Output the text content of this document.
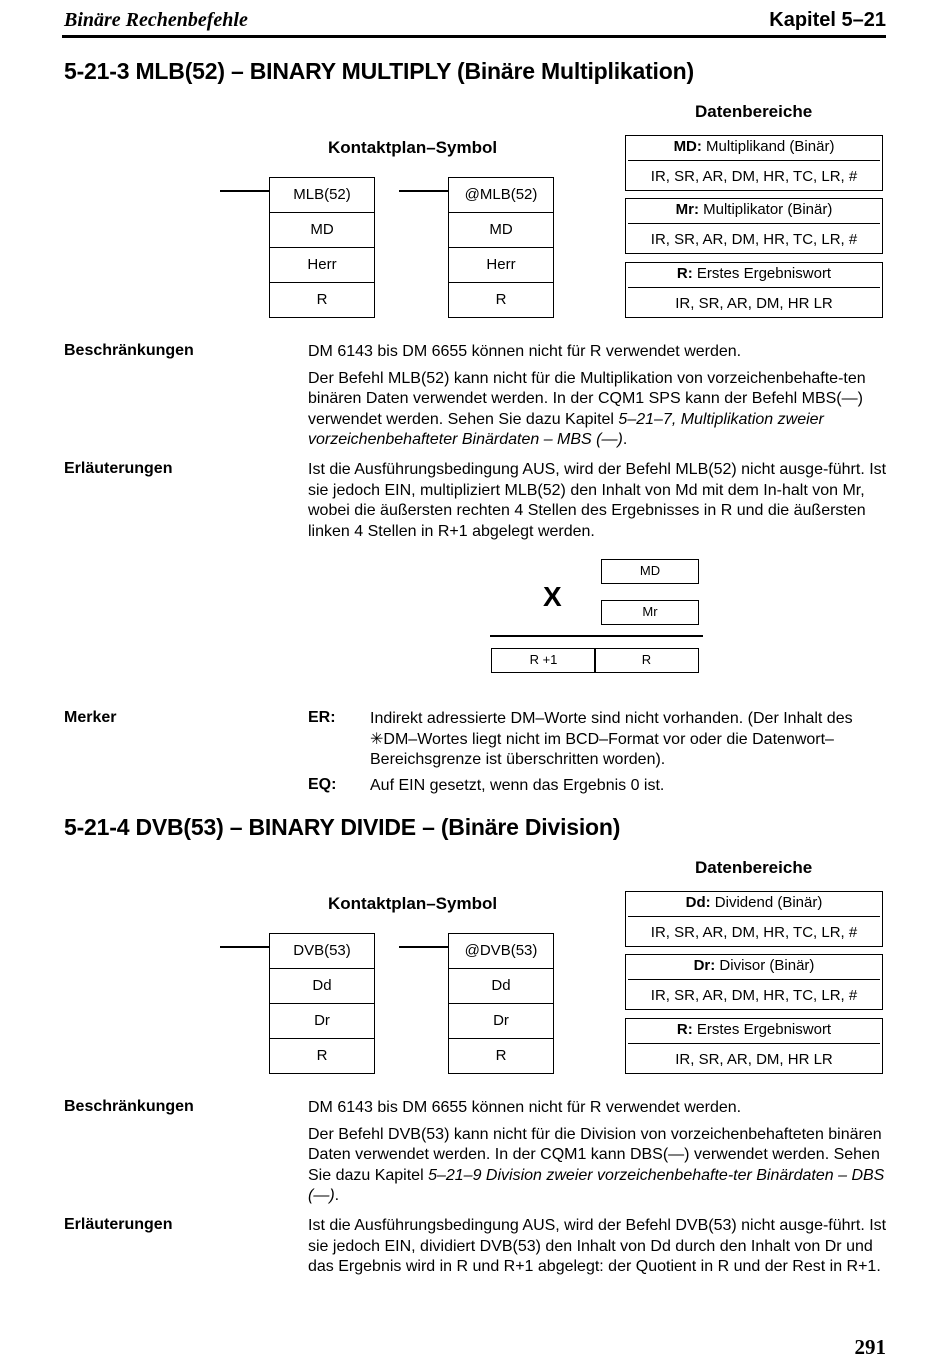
Binäre Rechenbefehle	Kapitel 5–21
5-21-3 MLB(52) – BINARY MULTIPLY (Binäre Multiplikation)
Datenbereiche
Kontaktplan–Symbol
MLB(52)
MD
Herr
R
@MLB(52)
MD
Herr
R
MD: Multiplikand (Binär)
IR, SR, AR, DM, HR, TC, LR, #
Mr: Multiplikator (Binär)
IR, SR, AR, DM, HR, TC, LR, #
R: Erstes Ergebniswort
IR, SR, AR, DM, HR LR
Beschränkungen	DM 6143 bis DM 6655 können nicht für R verwendet werden.

Der Befehl MLB(52) kann nicht für die Multiplikation von vorzeichenbehafte-ten binären Daten verwendet werden. In der CQM1 SPS kann der Befehl MBS(—) verwendet werden. Sehen Sie dazu Kapitel 5–21–7, Multiplikation zweier vorzeichenbehafteter Binärdaten – MBS (—).

Erläuterungen	Ist die Ausführungsbedingung AUS, wird der Befehl MLB(52) nicht ausge-führt. Ist sie jedoch EIN, multipliziert MLB(52) den Inhalt von Md mit dem In-halt von Mr, wobei die äußersten rechten 4 Stellen des Ergebnisses in R und die äußersten linken 4 Stellen in R+1 abgelegt werden.

MD
X	Mr
R +1	R
Merker	ER: Indirekt adressierte DM–Worte sind nicht vorhanden. (Der Inhalt des ✳DM–Wortes liegt nicht im BCD–Format vor oder die Datenwort–Bereichsgrenze ist überschritten worden).
EQ: Auf EIN gesetzt, wenn das Ergebnis 0 ist.
5-21-4 DVB(53) – BINARY DIVIDE – (Binäre Division)
Datenbereiche
Kontaktplan–Symbol
DVB(53)
Dd
Dr
R
@DVB(53)
Dd
Dr
R
Dd: Dividend (Binär)
IR, SR, AR, DM, HR, TC, LR, #
Dr: Divisor (Binär)
IR, SR, AR, DM, HR, TC, LR, #
R: Erstes Ergebniswort
IR, SR, AR, DM, HR LR
Beschränkungen	DM 6143 bis DM 6655 können nicht für R verwendet werden.

Der Befehl DVB(53) kann nicht für die Division von vorzeichenbehafteten binären Daten verwendet werden. In der CQM1 kann DBS(—) verwendet werden. Sehen Sie dazu Kapitel 5–21–9 Division zweier vorzeichenbehafte-ter Binärdaten – DBS (—).

Erläuterungen	Ist die Ausführungsbedingung AUS, wird der Befehl DVB(53) nicht ausge-führt. Ist sie jedoch EIN, dividiert DVB(53) den Inhalt von Dd durch den Inhalt von Dr und das Ergebnis wird in R und R+1 abgelegt: der Quotient in R und der Rest in R+1.

291
